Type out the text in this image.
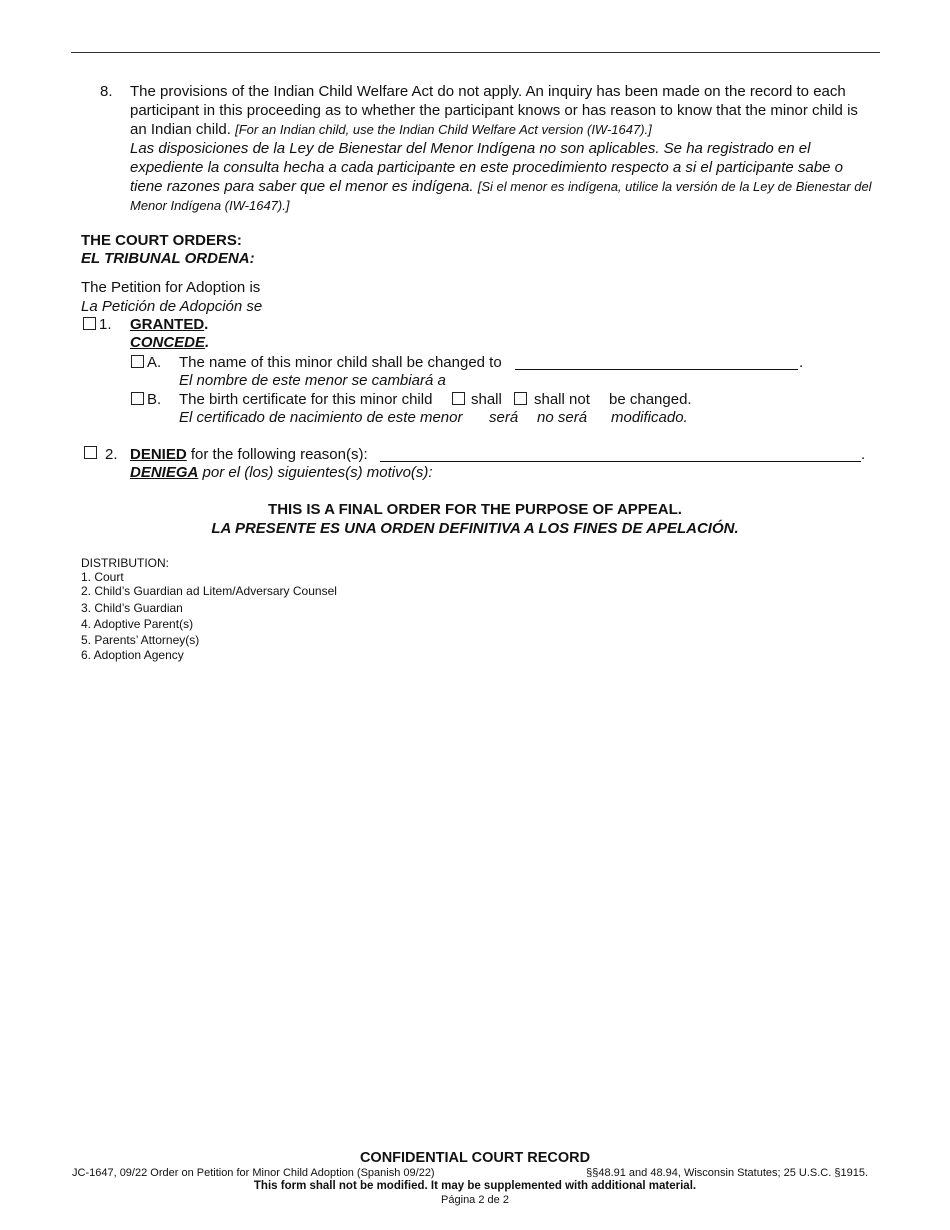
8. The provisions of the Indian Child Welfare Act do not apply. An inquiry has been made on the record to each participant in this proceeding as to whether the participant knows or has reason to know that the minor child is an Indian child. [For an Indian child, use the Indian Child Welfare Act version (IW-1647).]
Las disposiciones de la Ley de Bienestar del Menor Indígena no son aplicables. Se ha registrado en el expediente la consulta hecha a cada participante en este procedimiento respecto a si el participante sabe o tiene razones para saber que el menor es indígena. [Si el menor es indígena, utilice la versión de la Ley de Bienestar del Menor Indígena (IW-1647).]
THE COURT ORDERS:
EL TRIBUNAL ORDENA:
The Petition for Adoption is
La Petición de Adopción se
1. GRANTED.
CONCEDE.
A. The name of this minor child shall be changed to	.
El nombre de este menor se cambiará a
B. The birth certificate for this minor child	shall shall not be changed.
El certificado de nacimiento de este menor será no será modificado.
2. DENIED for the following reason(s):	.
DENIEGA por el (los) siguientes(s) motivo(s):
THIS IS A FINAL ORDER FOR THE PURPOSE OF APPEAL.
LA PRESENTE ES UNA ORDEN DEFINITIVA A LOS FINES DE APELACIÓN.
DISTRIBUTION:
1. Court
2. Child’s Guardian ad Litem/Adversary Counsel
3. Child’s Guardian
4. Adoptive Parent(s)
5. Parents’ Attorney(s)
6. Adoption Agency
CONFIDENTIAL COURT RECORD
JC-1647, 09/22 Order on Petition for Minor Child Adoption (Spanish 09/22)	§§48.91 and 48.94, Wisconsin Statutes; 25 U.S.C. §1915.
This form shall not be modified. It may be supplemented with additional material.
Página 2 de 2
